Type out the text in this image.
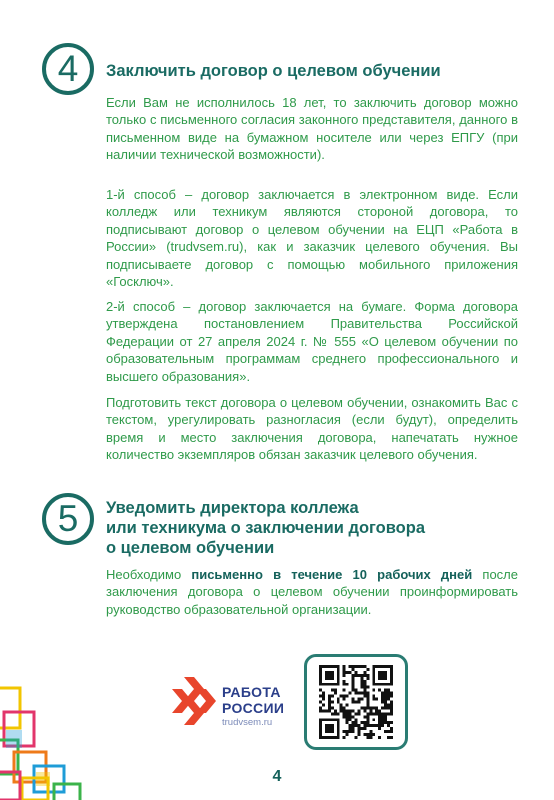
4	Заключить договор о целевом обучении

Если Вам не исполнилось 18 лет, то заключить договор можно только с письменного согласия законного представителя, данного в письменном виде на бумажном носителе или через ЕПГУ (при наличии технической возможности).

1-й способ – договор заключается в электронном виде. Если колледж или техникум являются стороной договора, то подписывают договор о целевом обучении на ЕЦП «Работа в России» (trudvsem.ru), как и заказчик целевого обучения. Вы подписываете договор с помощью мобильного приложения «Госключ».

2-й способ – договор заключается на бумаге. Форма договора утверждена постановлением Правительства Российской Федерации от 27 апреля 2024 г. № 555 «О целевом обучении по образовательным программам среднего профессионального и высшего образования».

Подготовить текст договора о целевом обучении, ознакомить Вас с текстом, урегулировать разногласия (если будут), определить время и место заключения договора, напечатать нужное количество экземпляров обязан заказчик целевого обучения.

5	Уведомить директора коллежа
или техникума о заключении договора
о целевом обучении

Необходимо письменно в течение 10 рабочих дней после заключения договора о целевом обучении проинформировать руководство образовательной организации.

РАБОТА
РОССИИ
trudvsem.ru
4
